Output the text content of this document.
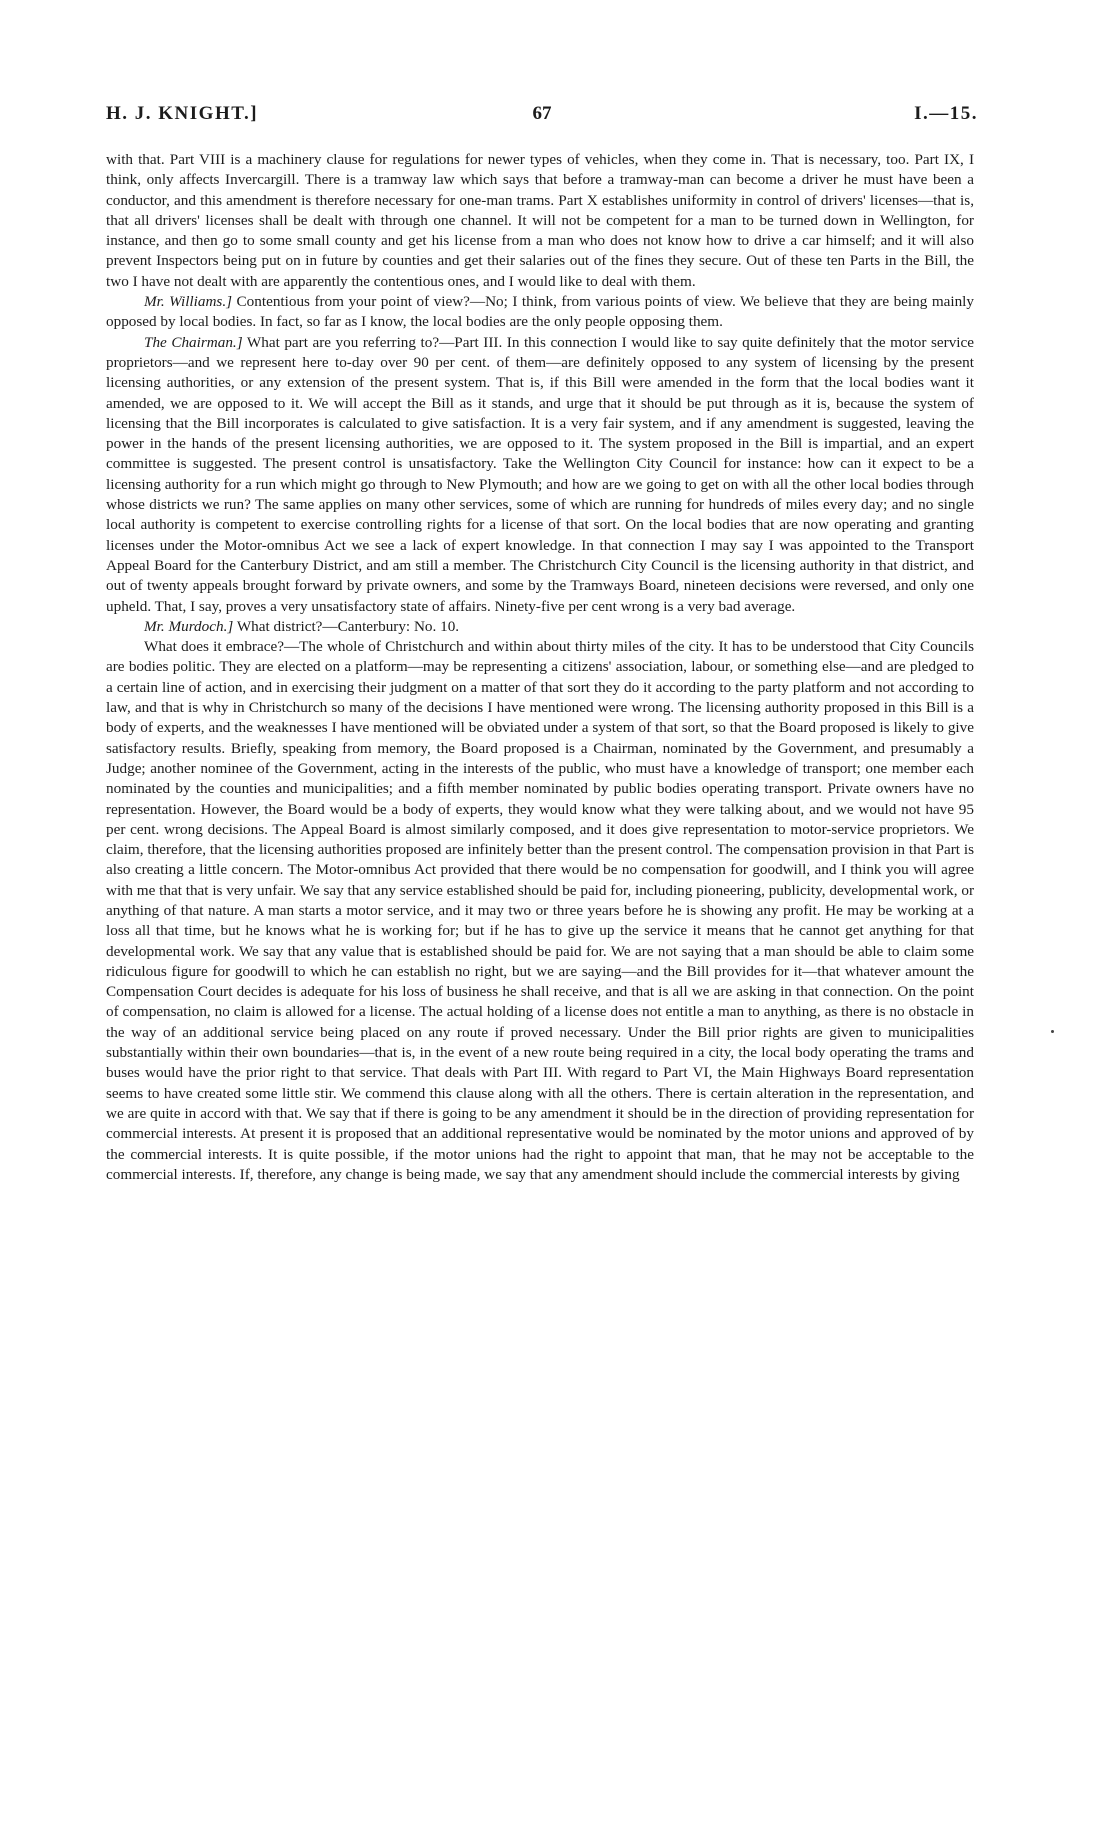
H. J. KNIGHT.]	67	I.—15.

with that. Part VIII is a machinery clause for regulations for newer types of vehicles, when they come in. That is necessary, too. Part IX, I think, only affects Invercargill. There is a tramway law which says that before a tramway-man can become a driver he must have been a conductor, and this amendment is therefore necessary for one-man trams. Part X establishes uniformity in control of drivers' licenses—that is, that all drivers' licenses shall be dealt with through one channel. It will not be competent for a man to be turned down in Wellington, for instance, and then go to some small county and get his license from a man who does not know how to drive a car himself; and it will also prevent Inspectors being put on in future by counties and get their salaries out of the fines they secure. Out of these ten Parts in the Bill, the two I have not dealt with are apparently the contentious ones, and I would like to deal with them.

Mr. Williams.] Contentious from your point of view?—No; I think, from various points of view. We believe that they are being mainly opposed by local bodies. In fact, so far as I know, the local bodies are the only people opposing them.

The Chairman.] What part are you referring to?—Part III. In this connection I would like to say quite definitely that the motor service proprietors—and we represent here to-day over 90 per cent. of them—are definitely opposed to any system of licensing by the present licensing authorities, or any extension of the present system. That is, if this Bill were amended in the form that the local bodies want it amended, we are opposed to it. We will accept the Bill as it stands, and urge that it should be put through as it is, because the system of licensing that the Bill incorporates is calculated to give satisfaction. It is a very fair system, and if any amendment is suggested, leaving the power in the hands of the present licensing authorities, we are opposed to it. The system proposed in the Bill is impartial, and an expert committee is suggested. The present control is unsatisfactory. Take the Wellington City Council for instance: how can it expect to be a licensing authority for a run which might go through to New Plymouth; and how are we going to get on with all the other local bodies through whose districts we run? The same applies on many other services, some of which are running for hundreds of miles every day; and no single local authority is competent to exercise controlling rights for a license of that sort. On the local bodies that are now operating and granting licenses under the Motor-omnibus Act we see a lack of expert knowledge. In that connection I may say I was appointed to the Transport Appeal Board for the Canterbury District, and am still a member. The Christchurch City Council is the licensing authority in that district, and out of twenty appeals brought forward by private owners, and some by the Tramways Board, nineteen decisions were reversed, and only one upheld. That, I say, proves a very unsatisfactory state of affairs. Ninety-five per cent wrong is a very bad average.

Mr. Murdoch.] What district?—Canterbury: No. 10.

What does it embrace?—The whole of Christchurch and within about thirty miles of the city. It has to be understood that City Councils are bodies politic. They are elected on a platform—may be representing a citizens' association, labour, or something else—and are pledged to a certain line of action, and in exercising their judgment on a matter of that sort they do it according to the party platform and not according to law, and that is why in Christchurch so many of the decisions I have mentioned were wrong. The licensing authority proposed in this Bill is a body of experts, and the weaknesses I have mentioned will be obviated under a system of that sort, so that the Board proposed is likely to give satisfactory results. Briefly, speaking from memory, the Board proposed is a Chairman, nominated by the Government, and presumably a Judge; another nominee of the Government, acting in the interests of the public, who must have a knowledge of transport; one member each nominated by the counties and municipalities; and a fifth member nominated by public bodies operating transport. Private owners have no representation. However, the Board would be a body of experts, they would know what they were talking about, and we would not have 95 per cent. wrong decisions. The Appeal Board is almost similarly composed, and it does give representation to motor-service proprietors. We claim, therefore, that the licensing authorities proposed are infinitely better than the present control. The compensation provision in that Part is also creating a little concern. The Motor-omnibus Act provided that there would be no compensation for goodwill, and I think you will agree with me that that is very unfair. We say that any service established should be paid for, including pioneering, publicity, developmental work, or anything of that nature. A man starts a motor service, and it may two or three years before he is showing any profit. He may be working at a loss all that time, but he knows what he is working for; but if he has to give up the service it means that he cannot get anything for that developmental work. We say that any value that is established should be paid for. We are not saying that a man should be able to claim some ridiculous figure for goodwill to which he can establish no right, but we are saying—and the Bill provides for it—that whatever amount the Compensation Court decides is adequate for his loss of business he shall receive, and that is all we are asking in that connection. On the point of compensation, no claim is allowed for a license. The actual holding of a license does not entitle a man to anything, as there is no obstacle in the way of an additional service being placed on any route if proved necessary. Under the Bill prior rights are given to municipalities substantially within their own boundaries—that is, in the event of a new route being required in a city, the local body operating the trams and buses would have the prior right to that service. That deals with Part III. With regard to Part VI, the Main Highways Board representation seems to have created some little stir. We commend this clause along with all the others. There is certain alteration in the representation, and we are quite in accord with that. We say that if there is going to be any amendment it should be in the direction of providing representation for commercial interests. At present it is proposed that an additional representative would be nominated by the motor unions and approved of by the commercial interests. It is quite possible, if the motor unions had the right to appoint that man, that he may not be acceptable to the commercial interests. If, therefore, any change is being made, we say that any amendment should include the commercial interests by giving
